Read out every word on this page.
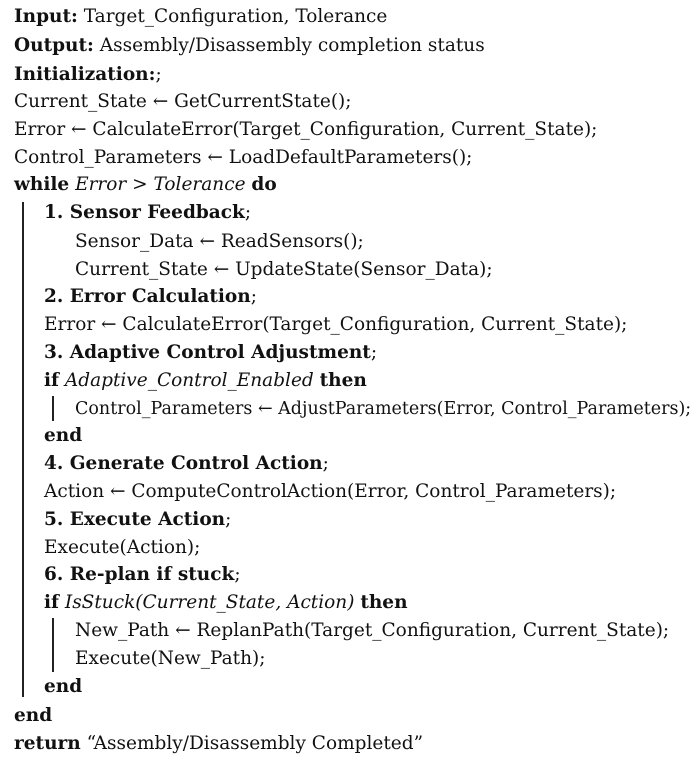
Input: Target_Configuration, Tolerance
Output: Assembly/Disassembly completion status
Initialization:;
Current_State ← GetCurrentState();
Error ← CalculateError(Target_Configuration, Current_State);
Control_Parameters ← LoadDefaultParameters();
while Error > Tolerance do
1. Sensor Feedback;
Sensor_Data ← ReadSensors();
Current_State ← UpdateState(Sensor_Data);
2. Error Calculation;
Error ← CalculateError(Target_Configuration, Current_State);
3. Adaptive Control Adjustment;
if Adaptive_Control_Enabled then
Control_Parameters ← AdjustParameters(Error, Control_Parameters);
end
4. Generate Control Action;
Action ← ComputeControlAction(Error, Control_Parameters);
5. Execute Action;
Execute(Action);
6. Re-plan if stuck;
if IsStuck(Current_State, Action) then
New_Path ← ReplanPath(Target_Configuration, Current_State);
Execute(New_Path);
end
end
return “Assembly/Disassembly Completed”
